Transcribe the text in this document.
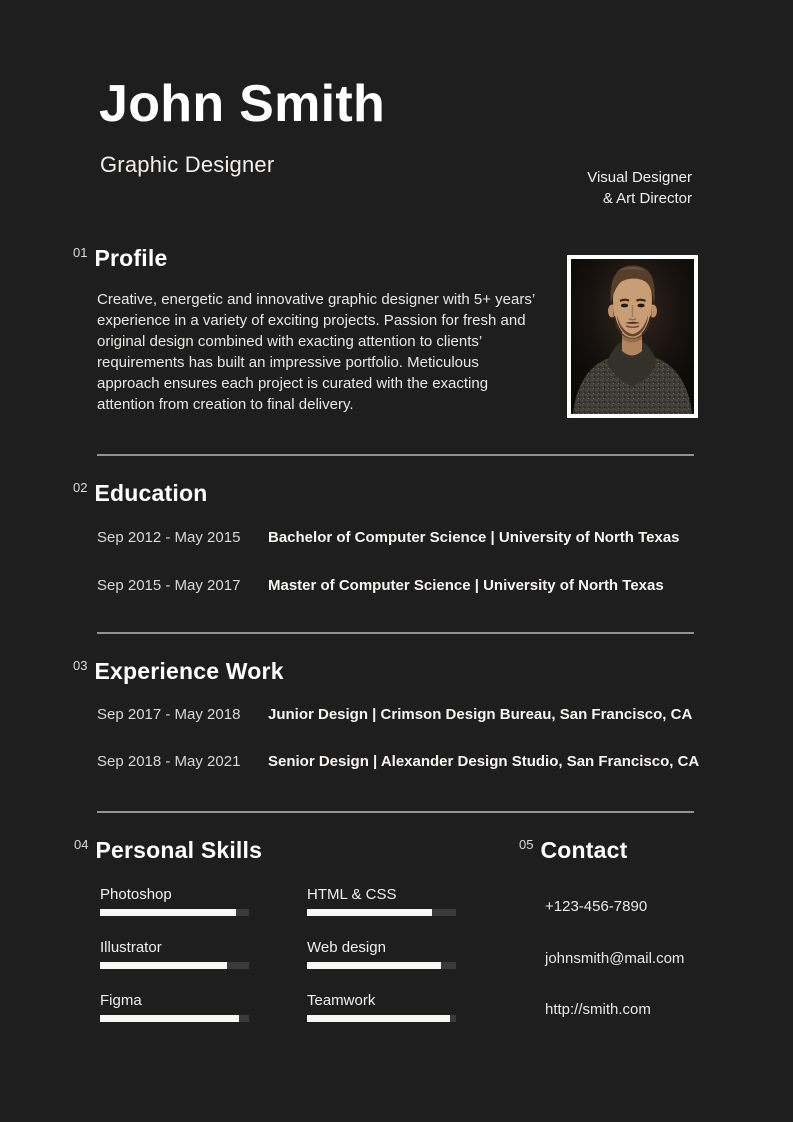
John Smith
Graphic Designer
Visual Designer
& Art Director
$^{01}$ Profile
Creative, energetic and innovative graphic designer with 5+ years’ experience in a variety of exciting projects. Passion for fresh and original design combined with exacting attention to clients’ requirements has built an impressive portfolio. Meticulous approach ensures each project is curated with the exacting attention from creation to final delivery.
$^{02}$ Education
Sep 2012 - May 2015 Bachelor of Computer Science | University of North Texas
Sep 2015 - May 2017 Master of Computer Science | University of North Texas
$^{03}$ Experience Work
Sep 2017 - May 2018 Junior Design | Crimson Design Bureau, San Francisco, CA
Sep 2018 - May 2021 Senior Design | Alexander Design Studio, San Francisco, CA
$^{04}$ Personal Skills
Photoshop	HTML & CSS
Illustrator	Web design
Figma	Teamwork
$^{05}$ Contact
+123-456-7890
johnsmith@mail.com
http://smith.com
